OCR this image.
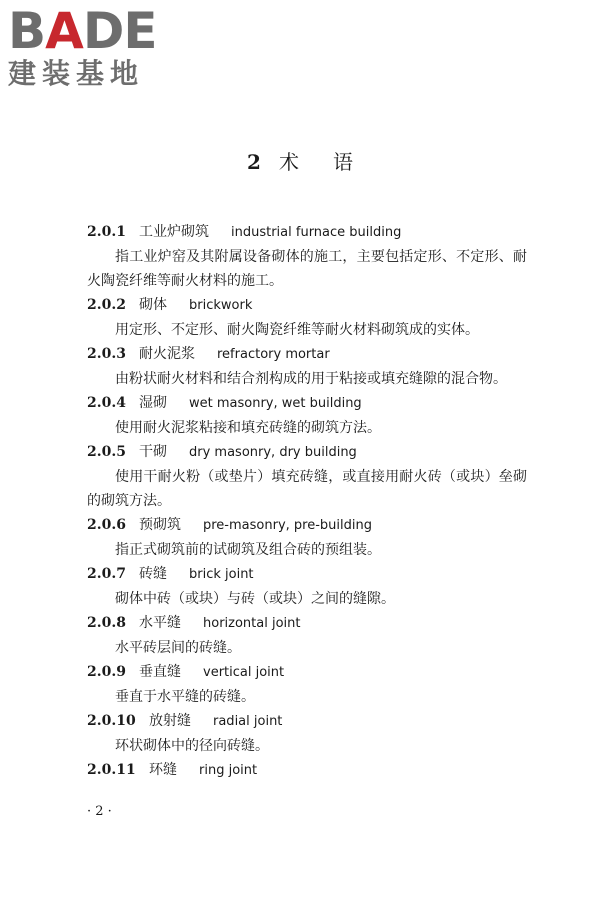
BADE
建装基地
2 术语
2.0.1 工业炉砌筑 industrial furnace building

指工业炉窑及其附属设备砌体的施工，主要包括定形、不定形、耐火陶瓷纤维等耐火材料的施工。

2.0.2 砌体 brickwork

用定形、不定形、耐火陶瓷纤维等耐火材料砌筑成的实体。

2.0.3 耐火泥浆 refractory mortar

由粉状耐火材料和结合剂构成的用于粘接或填充缝隙的混合物。

2.0.4 湿砌 wet masonry, wet building

使用耐火泥浆粘接和填充砖缝的砌筑方法。

2.0.5 干砌 dry masonry, dry building

使用干耐火粉（或垫片）填充砖缝，或直接用耐火砖（或块）垒砌的砌筑方法。

2.0.6 预砌筑 pre-masonry, pre-building

指正式砌筑前的试砌筑及组合砖的预组装。

2.0.7 砖缝 brick joint

砌体中砖（或块）与砖（或块）之间的缝隙。

2.0.8 水平缝 horizontal joint

水平砖层间的砖缝。

2.0.9 垂直缝 vertical joint

垂直于水平缝的砖缝。

2.0.10 放射缝 radial joint

环状砌体中的径向砖缝。

2.0.11 环缝 ring joint
· 2 ·
